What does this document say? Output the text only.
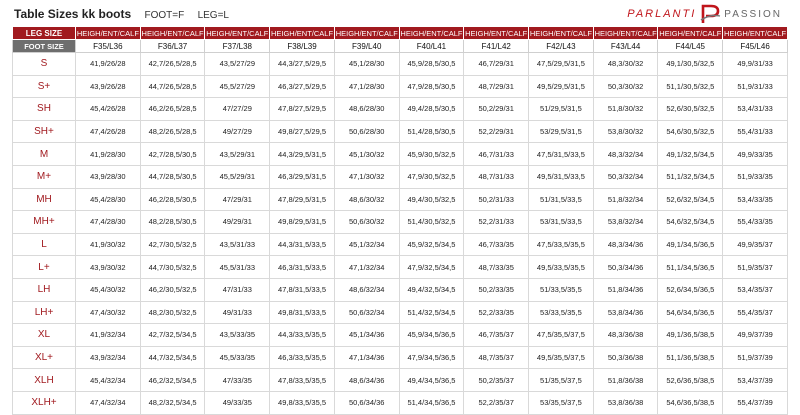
Table Sizes kk boots FOOT=F LEG=L	PARLANTI	PASSION
LEG SIZE	HEIGH/ENT/CALF	HEIGH/ENT/CALF	HEIGH/ENT/CALF	HEIGH/ENT/CALF	HEIGH/ENT/CALF	HEIGH/ENT/CALF	HEIGH/ENT/CALF	HEIGH/ENT/CALF	HEIGH/ENT/CALF	HEIGH/ENT/CALF	HEIGH/ENT/CALF
FOOT SIZE	F35/L36	F36/L37	F37/L38	F38/L39	F39/L40	F40/L41	F41/L42	F42/L43	F43/L44	F44/L45	F45/L46
S	41,9/26/28	42,7/26,5/28,5	43,5/27/29	44,3/27,5/29,5	45,1/28/30	45,9/28,5/30,5	46,7/29/31	47,5/29,5/31,5	48,3/30/32	49,1/30,5/32,5	49,9/31/33
S+	43,9/26/28	44,7/26,5/28,5	45,5/27/29	46,3/27,5/29,5	47,1/28/30	47,9/28,5/30,5	48,7/29/31	49,5/29,5/31,5	50,3/30/32	51,1/30,5/32,5	51,9/31/33
SH	45,4/26/28	46,2/26,5/28,5	47/27/29	47,8/27,5/29,5	48,6/28/30	49,4/28,5/30,5	50,2/29/31	51/29,5/31,5	51,8/30/32	52,6/30,5/32,5	53,4/31/33
SH+	47,4/26/28	48,2/26,5/28,5	49/27/29	49,8/27,5/29,5	50,6/28/30	51,4/28,5/30,5	52,2/29/31	53/29,5/31,5	53,8/30/32	54,6/30,5/32,5	55,4/31/33
M	41,9/28/30	42,7/28,5/30,5	43,5/29/31	44,3/29,5/31,5	45,1/30/32	45,9/30,5/32,5	46,7/31/33	47,5/31,5/33,5	48,3/32/34	49,1/32,5/34,5	49,9/33/35
M+	43,9/28/30	44,7/28,5/30,5	45,5/29/31	46,3/29,5/31,5	47,1/30/32	47,9/30,5/32,5	48,7/31/33	49,5/31,5/33,5	50,3/32/34	51,1/32,5/34,5	51,9/33/35
MH	45,4/28/30	46,2/28,5/30,5	47/29/31	47,8/29,5/31,5	48,6/30/32	49,4/30,5/32,5	50,2/31/33	51/31,5/33,5	51,8/32/34	52,6/32,5/34,5	53,4/33/35
MH+	47,4/28/30	48,2/28,5/30,5	49/29/31	49,8/29,5/31,5	50,6/30/32	51,4/30,5/32,5	52,2/31/33	53/31,5/33,5	53,8/32/34	54,6/32,5/34,5	55,4/33/35
L	41,9/30/32	42,7/30,5/32,5	43,5/31/33	44,3/31,5/33,5	45,1/32/34	45,9/32,5/34,5	46,7/33/35	47,5/33,5/35,5	48,3/34/36	49,1/34,5/36,5	49,9/35/37
L+	43,9/30/32	44,7/30,5/32,5	45,5/31/33	46,3/31,5/33,5	47,1/32/34	47,9/32,5/34,5	48,7/33/35	49,5/33,5/35,5	50,3/34/36	51,1/34,5/36,5	51,9/35/37
LH	45,4/30/32	46,2/30,5/32,5	47/31/33	47,8/31,5/33,5	48,6/32/34	49,4/32,5/34,5	50,2/33/35	51/33,5/35,5	51,8/34/36	52,6/34,5/36,5	53,4/35/37
LH+	47,4/30/32	48,2/30,5/32,5	49/31/33	49,8/31,5/33,5	50,6/32/34	51,4/32,5/34,5	52,2/33/35	53/33,5/35,5	53,8/34/36	54,6/34,5/36,5	55,4/35/37
XL	41,9/32/34	42,7/32,5/34,5	43,5/33/35	44,3/33,5/35,5	45,1/34/36	45,9/34,5/36,5	46,7/35/37	47,5/35,5/37,5	48,3/36/38	49,1/36,5/38,5	49,9/37/39
XL+	43,9/32/34	44,7/32,5/34,5	45,5/33/35	46,3/33,5/35,5	47,1/34/36	47,9/34,5/36,5	48,7/35/37	49,5/35,5/37,5	50,3/36/38	51,1/36,5/38,5	51,9/37/39
XLH	45,4/32/34	46,2/32,5/34,5	47/33/35	47,8/33,5/35,5	48,6/34/36	49,4/34,5/36,5	50,2/35/37	51/35,5/37,5	51,8/36/38	52,6/36,5/38,5	53,4/37/39
XLH+	47,4/32/34	48,2/32,5/34,5	49/33/35	49,8/33,5/35,5	50,6/34/36	51,4/34,5/36,5	52,2/35/37	53/35,5/37,5	53,8/36/38	54,6/36,5/38,5	55,4/37/39
